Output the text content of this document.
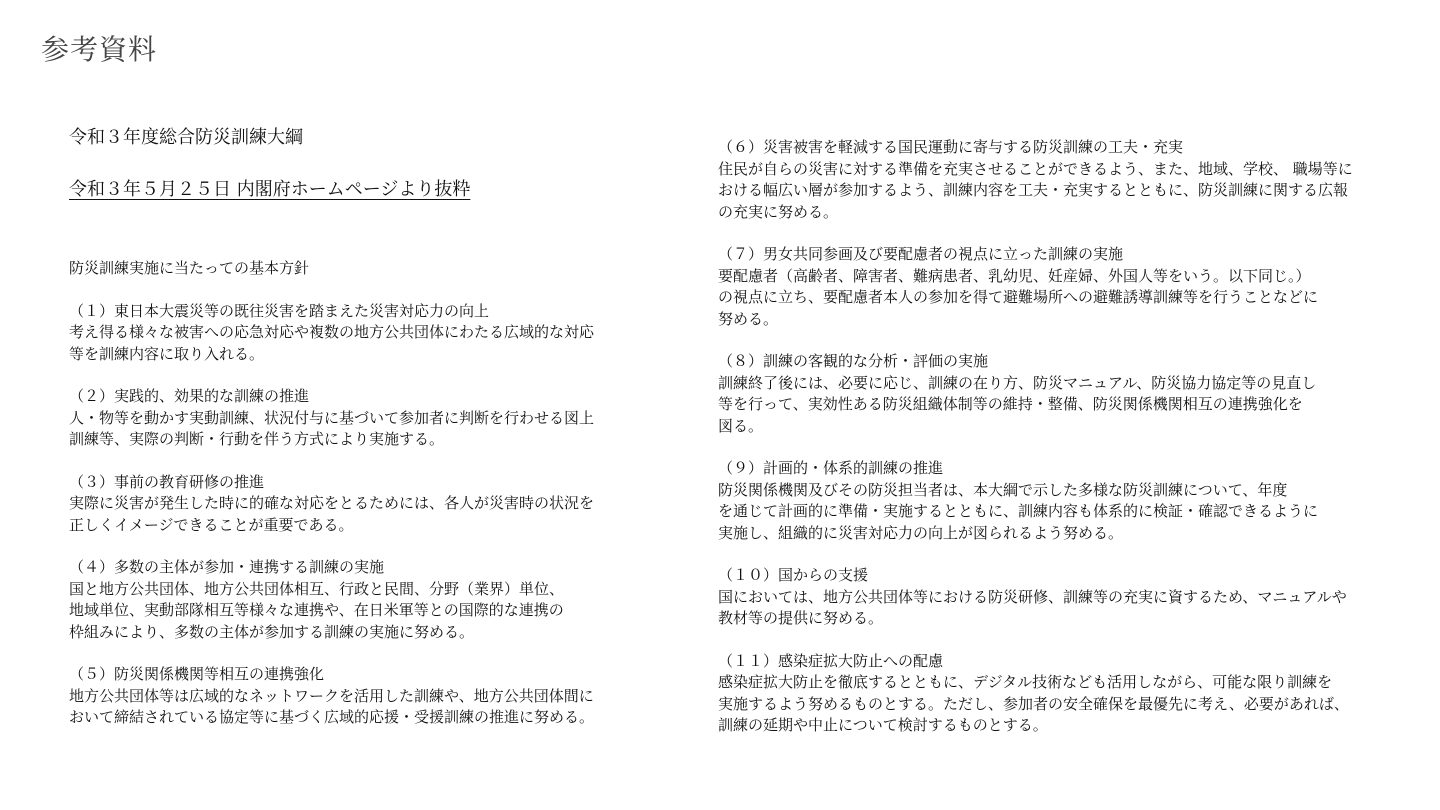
参考資料
令和３年度総合防災訓練大綱
令和３年５月２５日 内閣府ホームページより抜粋
防災訓練実施に当たっての基本方針
（１）東日本大震災等の既往災害を踏まえた災害対応力の向上
考え得る様々な被害への応急対応や複数の地方公共団体にわたる広域的な対応
等を訓練内容に取り入れる。
（２）実践的、効果的な訓練の推進
人・物等を動かす実動訓練、状況付与に基づいて参加者に判断を行わせる図上
訓練等、実際の判断・行動を伴う方式により実施する。
（３）事前の教育研修の推進
実際に災害が発生した時に的確な対応をとるためには、各人が災害時の状況を
正しくイメージできることが重要である。
（４）多数の主体が参加・連携する訓練の実施
国と地方公共団体、地方公共団体相互、行政と民間、分野（業界）単位、
地域単位、実動部隊相互等様々な連携や、在日米軍等との国際的な連携の
枠組みにより、多数の主体が参加する訓練の実施に努める。
（５）防災関係機関等相互の連携強化
地方公共団体等は広域的なネットワークを活用した訓練や、地方公共団体間に
おいて締結されている協定等に基づく広域的応援・受援訓練の推進に努める。
（６）災害被害を軽減する国民運動に寄与する防災訓練の工夫・充実
住民が自らの災害に対する準備を充実させることができるよう、また、地域、学校、 職場等に
おける幅広い層が参加するよう、訓練内容を工夫・充実するとともに、防災訓練に関する広報
の充実に努める。
（７）男女共同参画及び要配慮者の視点に立った訓練の実施
要配慮者（高齢者、障害者、難病患者、乳幼児、妊産婦、外国人等をいう。以下同じ。）
の視点に立ち、要配慮者本人の参加を得て避難場所への避難誘導訓練等を行うことなどに
努める。
（８）訓練の客観的な分析・評価の実施
訓練終了後には、必要に応じ、訓練の在り方、防災マニュアル、防災協力協定等の見直し
等を行って、実効性ある防災組織体制等の維持・整備、防災関係機関相互の連携強化を
図る。
（９）計画的・体系的訓練の推進
防災関係機関及びその防災担当者は、本大綱で示した多様な防災訓練について、年度
を通じて計画的に準備・実施するとともに、訓練内容も体系的に検証・確認できるように
実施し、組織的に災害対応力の向上が図られるよう努める。
（１０）国からの支援
国においては、地方公共団体等における防災研修、訓練等の充実に資するため、マニュアルや
教材等の提供に努める。
（１１）感染症拡大防止への配慮
感染症拡大防止を徹底するとともに、デジタル技術なども活用しながら、可能な限り訓練を
実施するよう努めるものとする。ただし、参加者の安全確保を最優先に考え、必要があれば、
訓練の延期や中止について検討するものとする。
